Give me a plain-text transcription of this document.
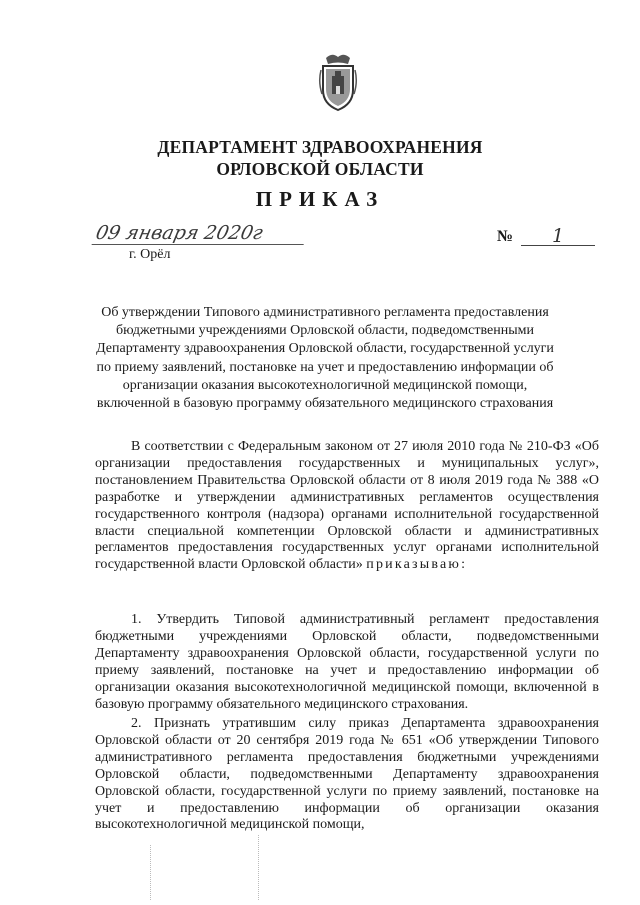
ДЕПАРТАМЕНТ ЗДРАВООХРАНЕНИЯ
ОРЛОВСКОЙ ОБЛАСТИ
ПРИКАЗ
09 января 2020г
г. Орёл
№	1
Об утверждении Типового административного регламента предоставления бюджетными учреждениями Орловской области, подведомственными Департаменту здравоохранения Орловской области, государственной услуги по приему заявлений, постановке на учет и предоставлению информации об организации оказания высокотехнологичной медицинской помощи, включенной в базовую программу обязательного медицинского страхования
В соответствии с Федеральным законом от 27 июля 2010 года № 210-ФЗ «Об организации предоставления государственных и муниципальных услуг», постановлением Правительства Орловской области от 8 июля 2019 года № 388 «О разработке и утверждении административных регламентов осуществления государственного контроля (надзора) органами исполнительной государственной власти специальной компетенции Орловской области и административных регламентов предоставления государственных услуг органами исполнительной государственной власти Орловской области» приказываю:
1. Утвердить Типовой административный регламент предоставления бюджетными учреждениями Орловской области, подведомственными Департаменту здравоохранения Орловской области, государственной услуги по приему заявлений, постановке на учет и предоставлению информации об организации оказания высокотехнологичной медицинской помощи, включенной в базовую программу обязательного медицинского страхования.
2. Признать утратившим силу приказ Департамента здравоохранения Орловской области от 20 сентября 2019 года № 651 «Об утверждении Типового административного регламента предоставления бюджетными учреждениями Орловской области, подведомственными Департаменту здравоохранения Орловской области, государственной услуги по приему заявлений, постановке на учет и предоставлению информации об организации оказания высокотехнологичной медицинской помощи,
